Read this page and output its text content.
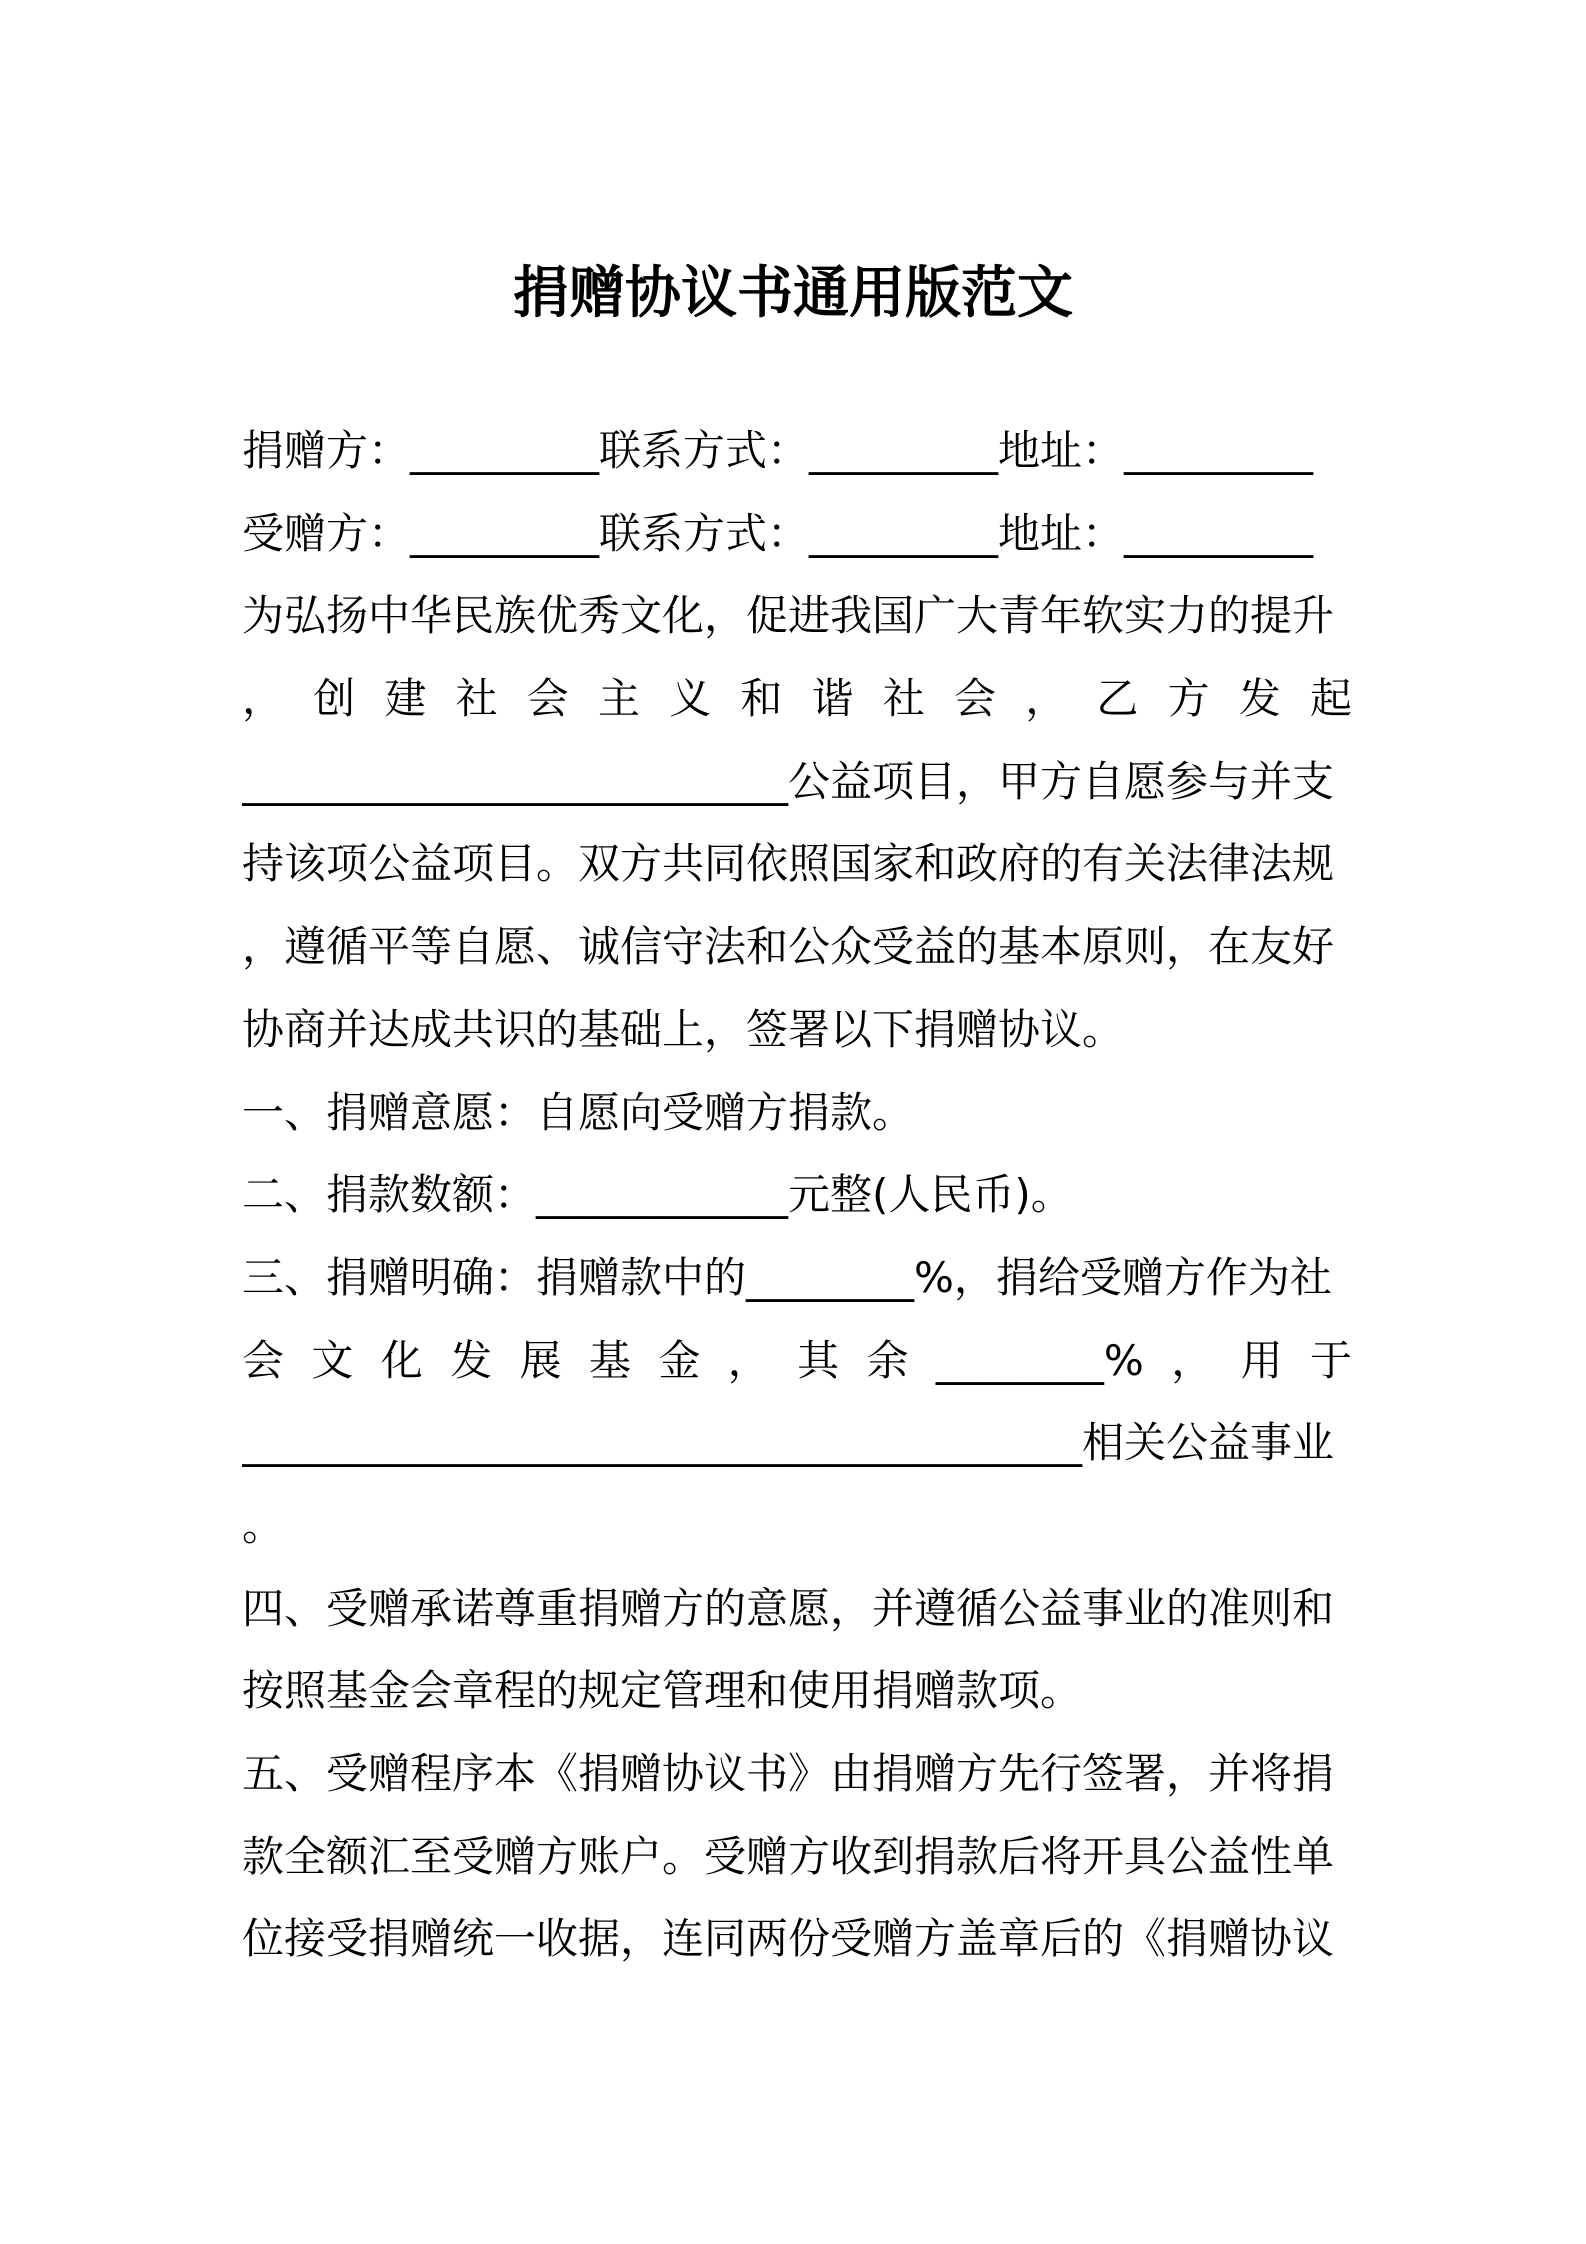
捐赠协议书通用版范文
捐赠方：_________联系方式：_________地址：_________
受赠方：_________联系方式：_________地址：_________
为弘扬中华民族优秀文化，促进我国广大青年软实力的提升
，创建社会主义和谐社会，乙方发起
__________________________公益项目，甲方自愿参与并支
持该项公益项目。双方共同依照国家和政府的有关法律法规
，遵循平等自愿、诚信守法和公众受益的基本原则，在友好
协商并达成共识的基础上，签署以下捐赠协议。
一、捐赠意愿：自愿向受赠方捐款。
二、捐款数额：____________元整(人民币)。
三、捐赠明确：捐赠款中的________%，捐给受赠方作为社
会文化发展基金，其余________%，用于
________________________________________相关公益事业
。
四、受赠承诺尊重捐赠方的意愿，并遵循公益事业的准则和
按照基金会章程的规定管理和使用捐赠款项。
五、受赠程序本《捐赠协议书》由捐赠方先行签署，并将捐
款全额汇至受赠方账户。受赠方收到捐款后将开具公益性单
位接受捐赠统一收据，连同两份受赠方盖章后的《捐赠协议
